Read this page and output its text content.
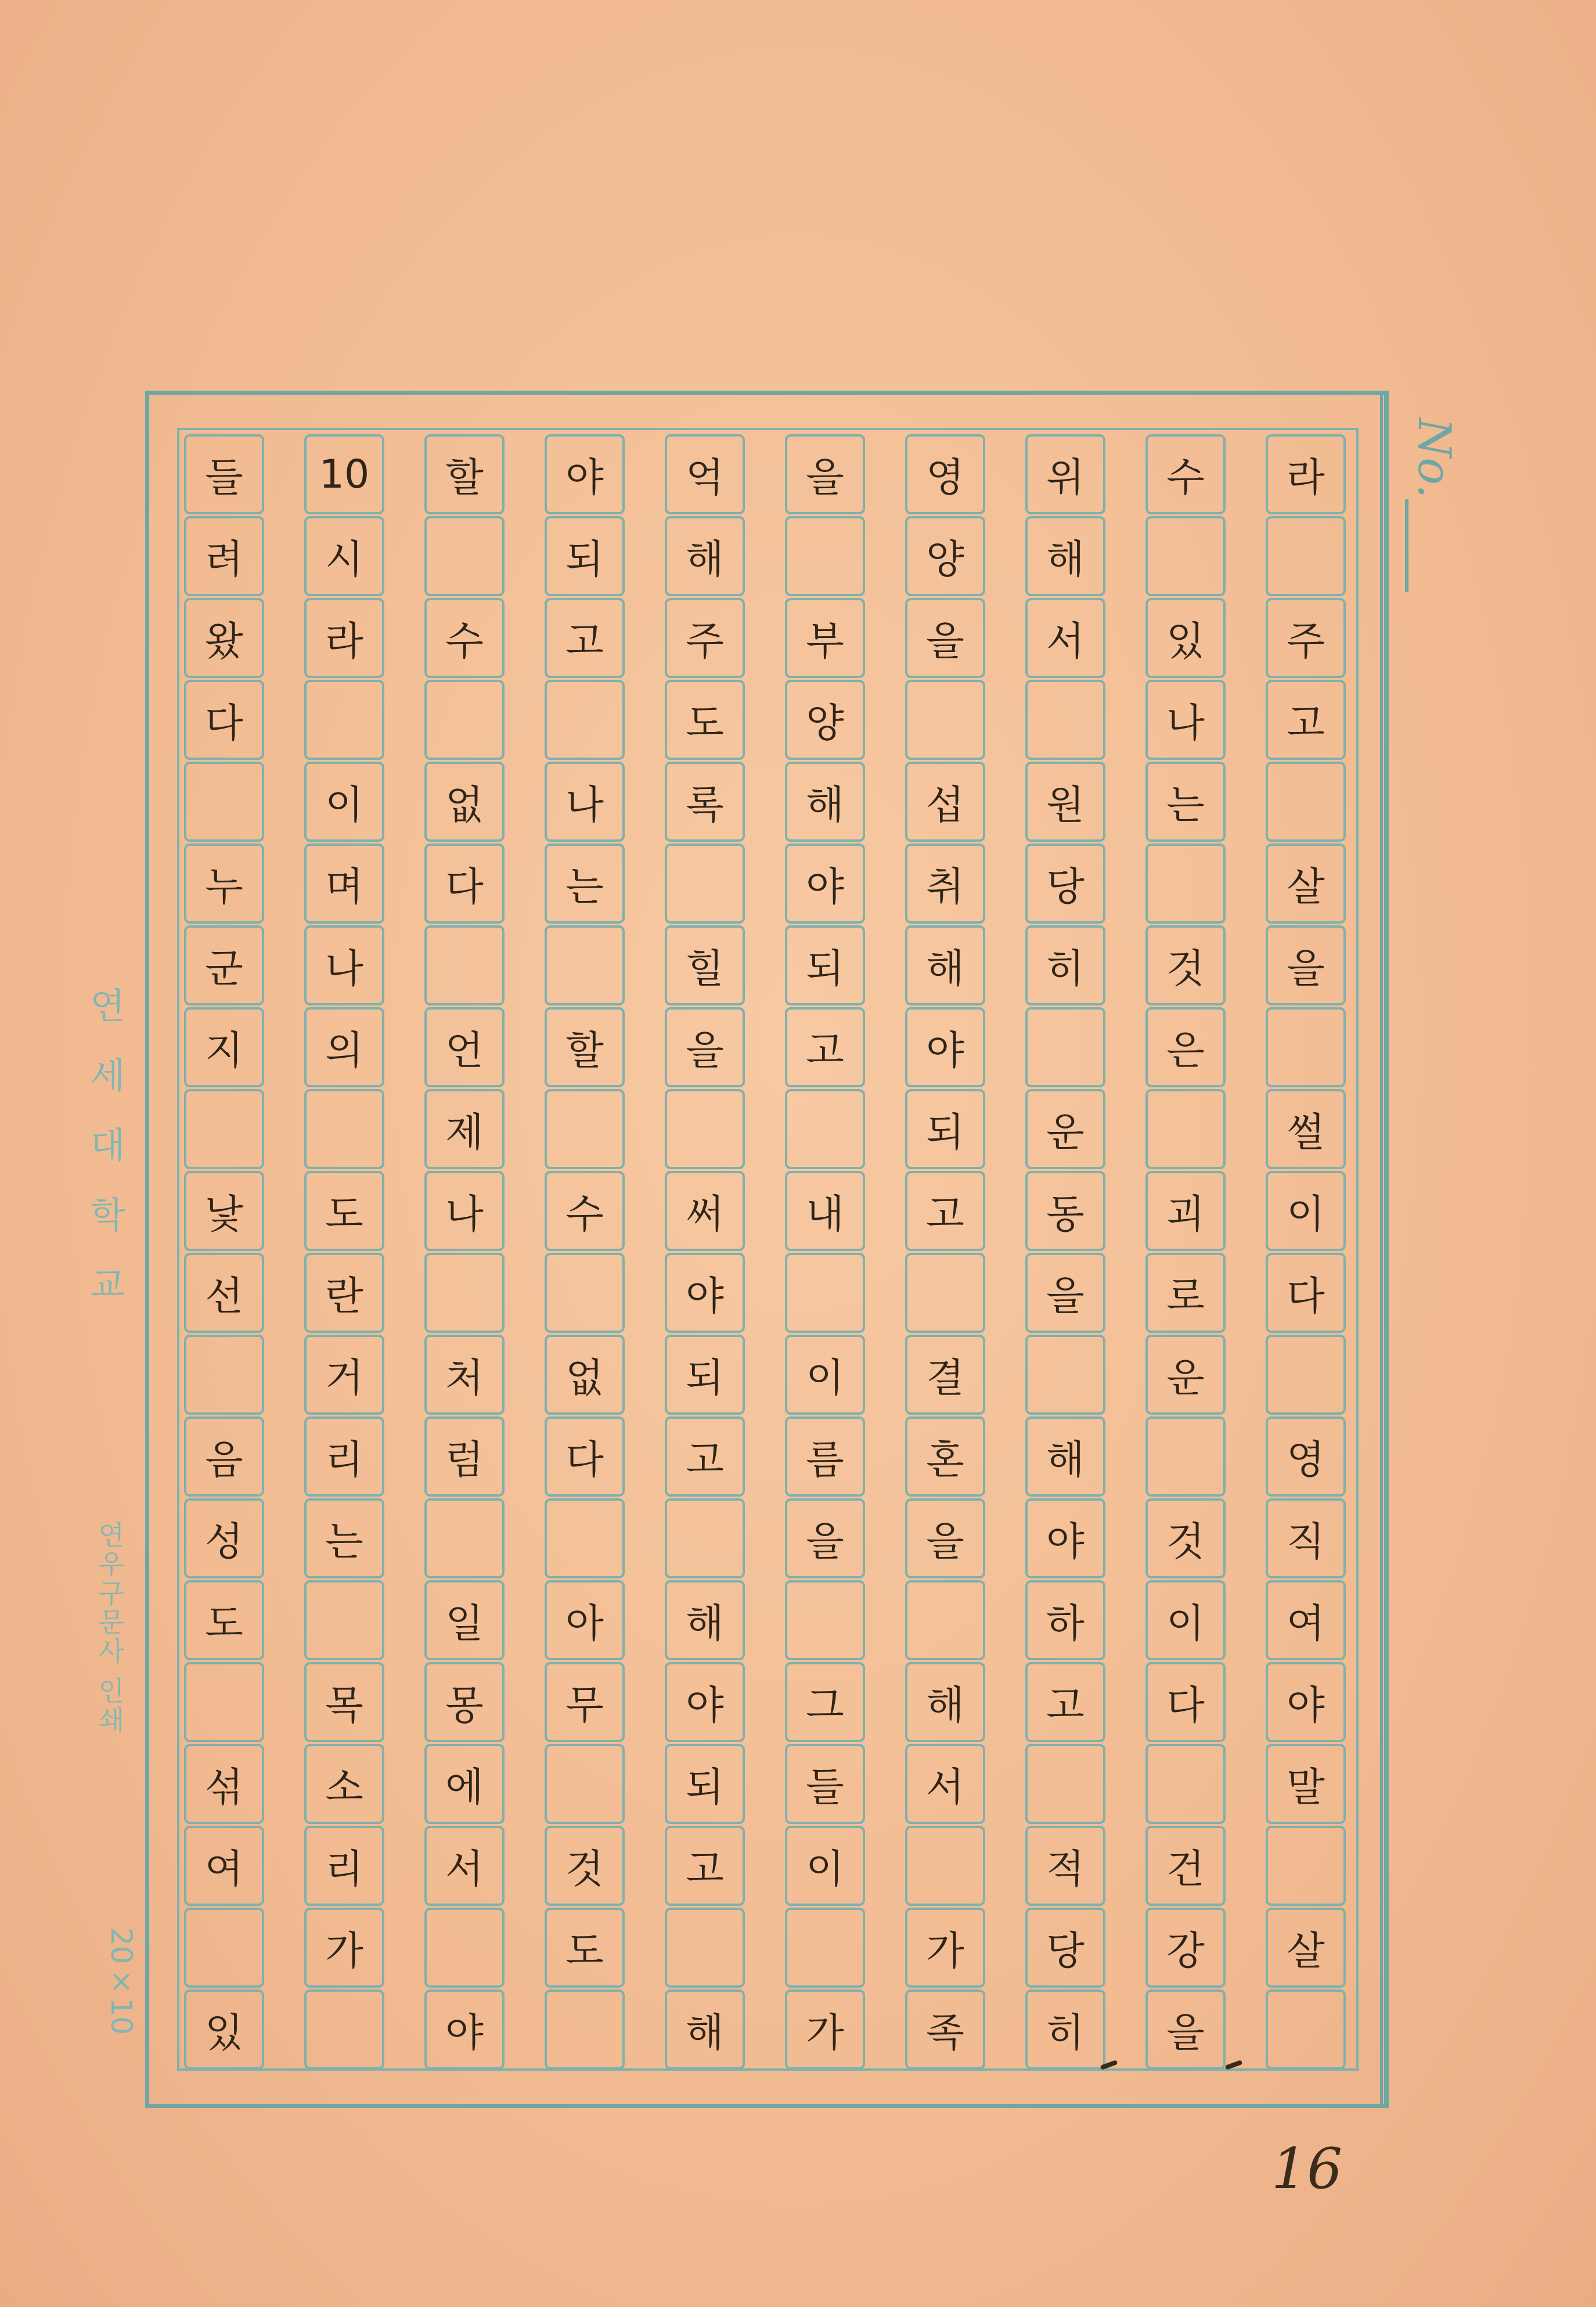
라
주
고
살
을
썰
이
다
영
직
여
야
말
살
수
있
나
는
것
은
괴
로
운
것
이
다
건
강
을
위
해
서
원
당
히
운
동
을
해
야
하
고
적
당
히
영
양
을
섭
취
해
야
되
고
결
혼
을
해
서
가
족
을
부
양
해
야
되
고
내
이
름
을
그
들
이
가
억
해
주
도
록
힐
을
써
야
되
고
해
야
되
고
해
야
되
고
나
는
할
수
없
다
아
무
것
도
할
수
없
다
언
제
나
처
럼
일
몽
에
서
야
10
시
라
이
며
나
의
도
란
거
리
는
목
소
리
가
들
려
왔
다
누
군
지
낯
선
음
성
도
섞
여
있
No.
연세대학교
연우구문사 인쇄
20×10
16
